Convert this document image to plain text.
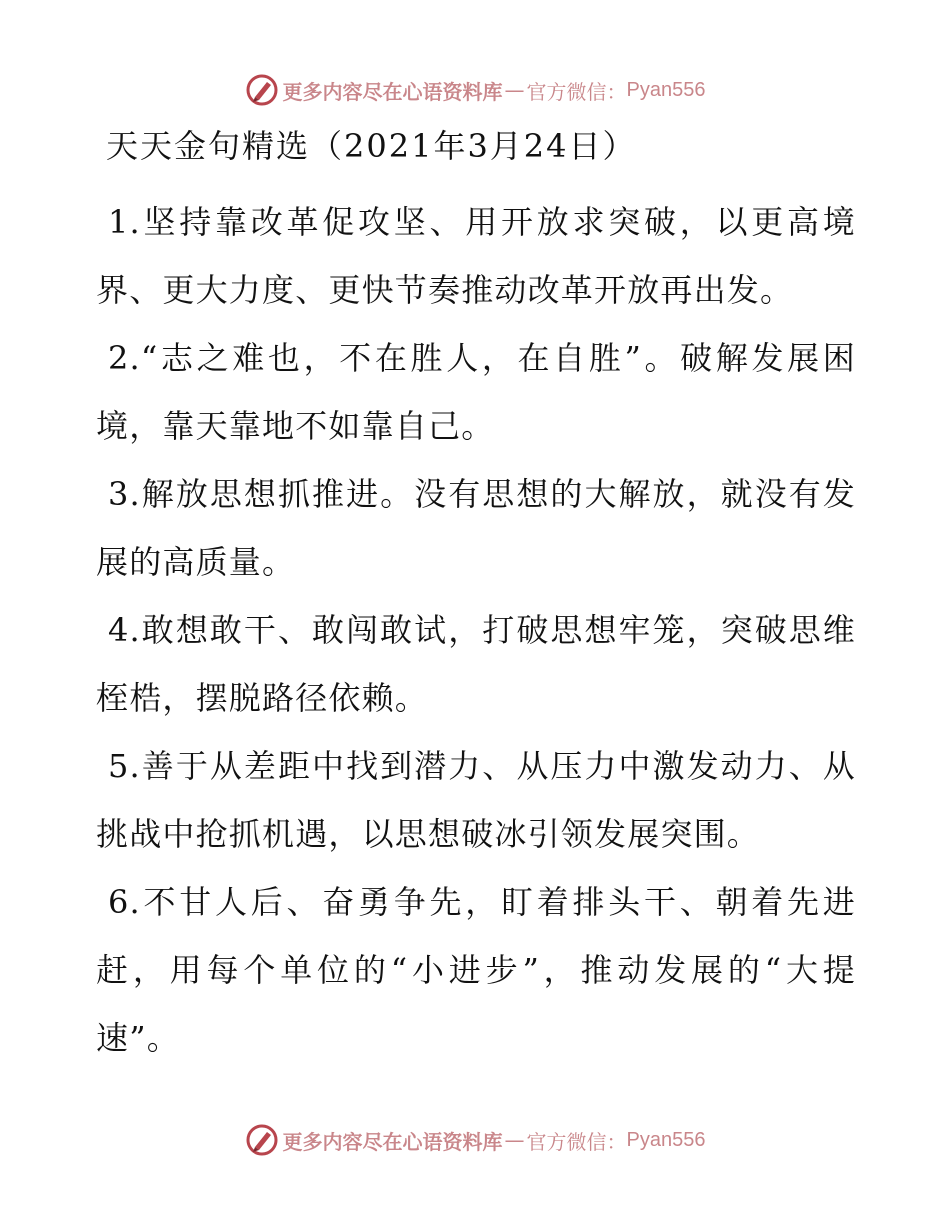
更多内容尽在心语资料库 — 官方微信： Pyan556
天天金句精选（2021年3月24日）

1.坚持靠改革促攻坚、用开放求突破，以更高境界、更大力度、更快节奏推动改革开放再出发。

2.“志之难也，不在胜人，在自胜”。破解发展困境，靠天靠地不如靠自己。

3.解放思想抓推进。没有思想的大解放，就没有发展的高质量。

4.敢想敢干、敢闯敢试，打破思想牢笼，突破思维桎梏，摆脱路径依赖。

5.善于从差距中找到潜力、从压力中激发动力、从挑战中抢抓机遇，以思想破冰引领发展突围。

6.不甘人后、奋勇争先，盯着排头干、朝着先进赶，用每个单位的“小进步”，推动发展的“大提速”。

更多内容尽在心语资料库 — 官方微信： Pyan556
